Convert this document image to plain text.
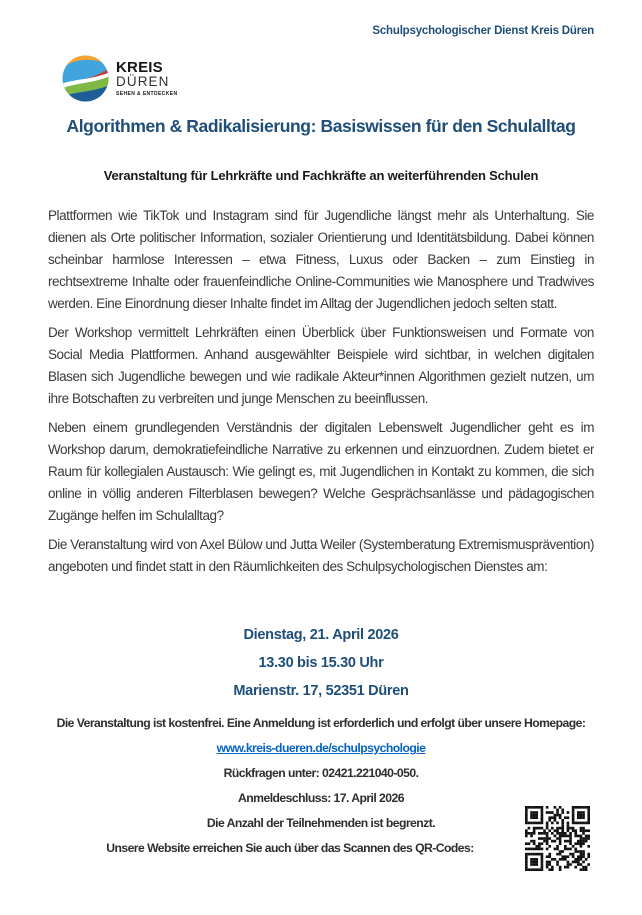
Schulpsychologischer Dienst Kreis Düren
KREIS
DÜREN
SEHEN & ENTDECKEN
Algorithmen & Radikalisierung: Basiswissen für den Schulalltag
Veranstaltung für Lehrkräfte und Fachkräfte an weiterführenden Schulen

Plattformen wie TikTok und Instagram sind für Jugendliche längst mehr als Unterhaltung. Sie dienen als Orte politischer Information, sozialer Orientierung und Identitätsbildung. Dabei können scheinbar harmlose Interessen – etwa Fitness, Luxus oder Backen – zum Einstieg in rechtsextreme Inhalte oder frauenfeindliche Online-Communities wie Manosphere und Tradwives werden. Eine Einordnung dieser Inhalte findet im Alltag der Jugendlichen jedoch selten statt.

Der Workshop vermittelt Lehrkräften einen Überblick über Funktionsweisen und Formate von Social Media Plattformen. Anhand ausgewählter Beispiele wird sichtbar, in welchen digitalen Blasen sich Jugendliche bewegen und wie radikale Akteur*innen Algorithmen gezielt nutzen, um ihre Botschaften zu verbreiten und junge Menschen zu beeinflussen.

Neben einem grundlegenden Verständnis der digitalen Lebenswelt Jugendlicher geht es im Workshop darum, demokratiefeindliche Narrative zu erkennen und einzuordnen. Zudem bietet er Raum für kollegialen Austausch: Wie gelingt es, mit Jugendlichen in Kontakt zu kommen, die sich online in völlig anderen Filterblasen bewegen? Welche Gesprächsanlässe und pädagogischen Zugänge helfen im Schulalltag?

Die Veranstaltung wird von Axel Bülow und Jutta Weiler (Systemberatung Extremismusprävention) angeboten und findet statt in den Räumlichkeiten des Schulpsychologischen Dienstes am:

Dienstag, 21. April 2026
13.30 bis 15.30 Uhr
Marienstr. 17, 52351 Düren
Die Veranstaltung ist kostenfrei. Eine Anmeldung ist erforderlich und erfolgt über unsere Homepage:
www.kreis-dueren.de/schulpsychologie
Rückfragen unter: 02421.221040-050.
Anmeldeschluss: 17. April 2026
Die Anzahl der Teilnehmenden ist begrenzt.
Unsere Website erreichen Sie auch über das Scannen des QR-Codes:
